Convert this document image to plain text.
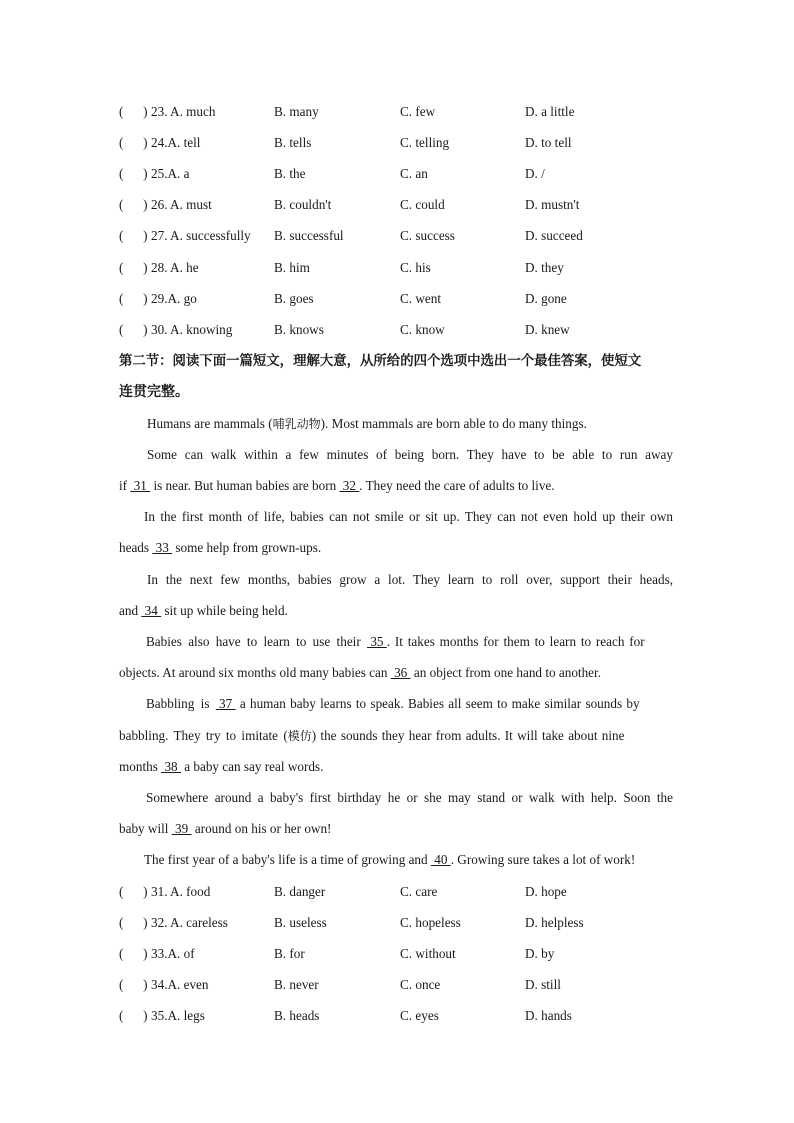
(      ) 23. A. much	B. many	C. few	D. a little
(      ) 24.A. tell	B. tells	C. telling	D. to tell
(      ) 25.A. a	B. the	C. an	D. /
(      ) 26. A. must	B. couldn't	C. could	D. mustn't
(      ) 27. A. successfully B. successful	C. success	D. succeed
(      ) 28. A. he	B. him	C. his	D. they
(      ) 29.A. go	B. goes	C. went	D. gone
(      ) 30. A. knowing	B. knows	C. know	D. knew
第二节：阅读下面一篇短文，理解大意，从所给的四个选项中选出一个最佳答案，使短文
连贯完整。
Humans are mammals (哺乳动物). Most mammals are born able to do many things.
Some can walk within a few minutes of being born. They have to be able to run away
if  31  is near. But human babies are born  32 . They need the care of adults to live.
In the first month of life, babies can not smile or sit up. They can not even hold up their own
heads  33  some help from grown-ups.
In the next few months, babies grow a lot. They learn to roll over, support their heads,
and  34  sit up while being held.
Babies also have to learn to use their 35 . It takes months for them to learn to reach for
objects. At around six months old many babies can  36  an object from one hand to another.
Babbling is  37  a human baby learns to speak. Babies all seem to make similar sounds by
babbling. They try to imitate (模仿) the sounds they hear from adults. It will take about nine
months  38  a baby can say real words.
Somewhere around a baby's first birthday he or she may stand or walk with help. Soon the
baby will  39  around on his or her own!
The first year of a baby's life is a time of growing and  40 . Growing sure takes a lot of work!
(      ) 31. A. food	B. danger	C. care	D. hope
(      ) 32. A. careless	B. useless	C. hopeless	D. helpless
(      ) 33.A. of	B. for	C. without	D. by
(      ) 34.A. even	B. never	C. once	D. still
(      ) 35.A. legs	B. heads	C. eyes	D. hands
